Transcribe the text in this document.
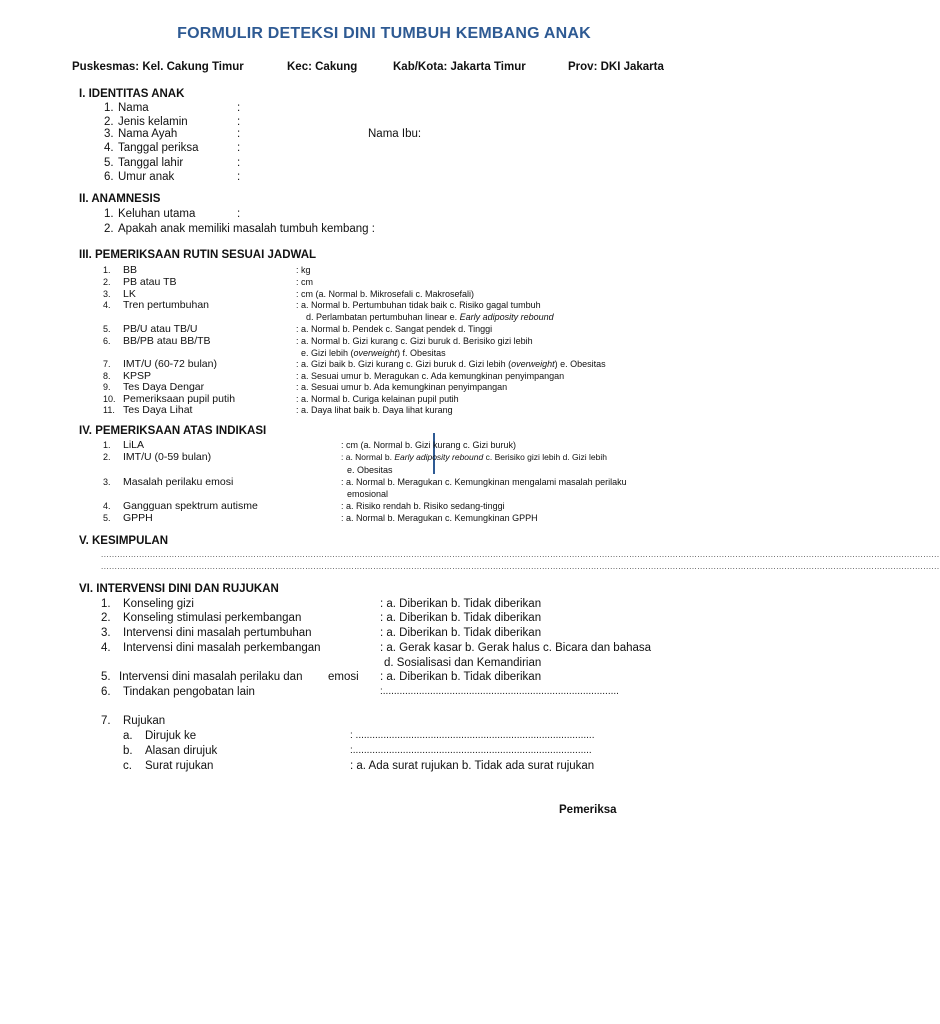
FORMULIR DETEKSI DINI TUMBUH KEMBANG ANAK
Puskesmas: Kel. Cakung Timur	Kec: Cakung	Kab/Kota: Jakarta Timur	Prov: DKI Jakarta
I. IDENTITAS ANAK
1. Nama	:
2. Jenis kelamin	:
3. Nama Ayah	:	Nama Ibu:
4. Tanggal periksa	:
5. Tanggal lahir	:
6. Umur anak	:
II. ANAMNESIS
1. Keluhan utama	:
2. Apakah anak memiliki masalah tumbuh kembang :
III. PEMERIKSAAN RUTIN SESUAI JADWAL
1. BB	: kg
2. PB atau TB	: cm
3. LK	: cm (a. Normal b. Mikrosefali c. Makrosefali)
4. Tren pertumbuhan	: a. Normal b. Pertumbuhan tidak baik c. Risiko gagal tumbuh
d. Perlambatan pertumbuhan linear e. Early adiposity rebound
5. PB/U atau TB/U	: a. Normal b. Pendek c. Sangat pendek d. Tinggi
6. BB/PB atau BB/TB	: a. Normal b. Gizi kurang c. Gizi buruk d. Berisiko gizi lebih
e. Gizi lebih (overweight) f. Obesitas
7. IMT/U (60-72 bulan)	: a. Gizi baik b. Gizi kurang c. Gizi buruk d. Gizi lebih (overweight) e. Obesitas
8. KPSP	: a. Sesuai umur b. Meragukan c. Ada kemungkinan penyimpangan
9. Tes Daya Dengar	: a. Sesuai umur b. Ada kemungkinan penyimpangan
10. Pemeriksaan pupil putih	: a. Normal b. Curiga kelainan pupil putih
11. Tes Daya Lihat	: a. Daya lihat baik b. Daya lihat kurang
IV. PEMERIKSAAN ATAS INDIKASI
1. LiLA	: cm (a. Normal b. Gizi kurang c. Gizi buruk)
2. IMT/U (0-59 bulan)	: a. Normal b. Early adiposity rebound c. Berisiko gizi lebih d. Gizi lebih
e. Obesitas
3. Masalah perilaku emosi	: a. Normal b. Meragukan c. Kemungkinan mengalami masalah perilaku
emosional
4. Gangguan spektrum autisme	: a. Risiko rendah b. Risiko sedang-tinggi
5. GPPH	: a. Normal b. Meragukan c. Kemungkinan GPPH
V. KESIMPULAN
....................................................................................................................................................................................................................................................................................................................
....................................................................................................................................................................................................................................................................................................................
VI. INTERVENSI DINI DAN RUJUKAN
1. Konseling gizi	: a. Diberikan b. Tidak diberikan
2. Konseling stimulasi perkembangan	: a. Diberikan b. Tidak diberikan
3. Intervensi dini masalah pertumbuhan	: a. Diberikan b. Tidak diberikan
4. Intervensi dini masalah perkembangan	: a. Gerak kasar b. Gerak halus c. Bicara dan bahasa
d. Sosialisasi dan Kemandirian
5. Intervensi dini masalah perilaku dan        emosi : a. Diberikan b. Tidak diberikan
6. Tindakan pengobatan lain	:.....................................................................................
7. Rujukan
a. Dirujuk ke	: ......................................................................................
b. Alasan dirujuk	:......................................................................................
c. Surat rujukan	: a. Ada surat rujukan b. Tidak ada surat rujukan
Pemeriksa
